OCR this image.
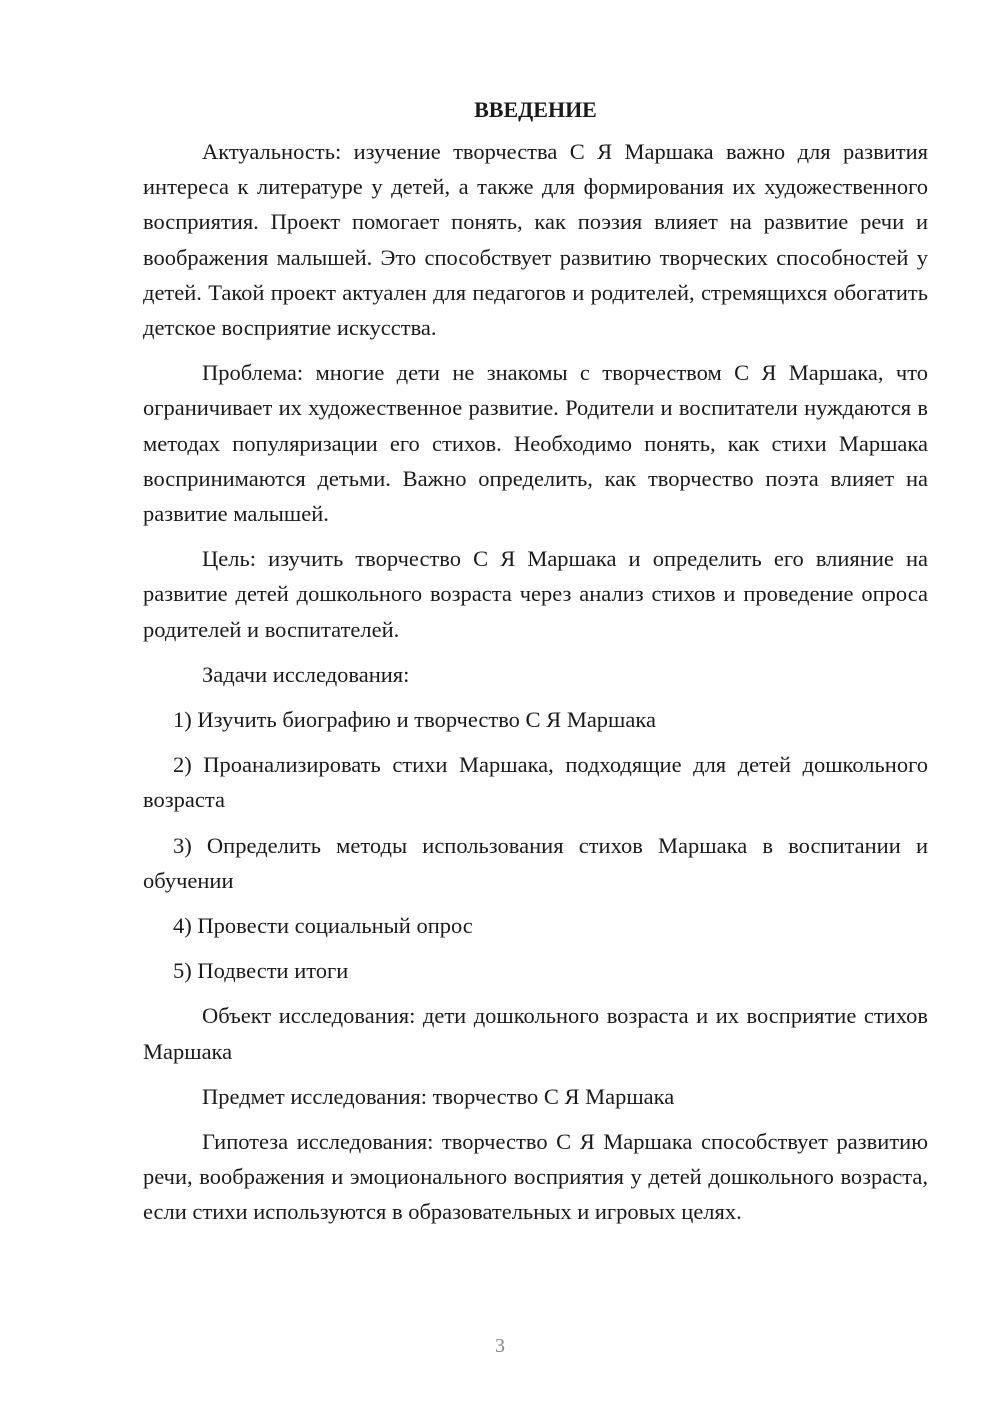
ВВЕДЕНИЕ

Актуальность: изучение творчества С Я Маршака важно для развития интереса к литературе у детей, а также для формирования их художественного восприятия. Проект помогает понять, как поэзия влияет на развитие речи и воображения малышей. Это способствует развитию творческих способностей у детей. Такой проект актуален для педагогов и родителей, стремящихся обогатить детское восприятие искусства.

Проблема: многие дети не знакомы с творчеством С Я Маршака, что ограничивает их художественное развитие. Родители и воспитатели нуждаются в методах популяризации его стихов. Необходимо понять, как стихи Маршака воспринимаются детьми. Важно определить, как творчество поэта влияет на развитие малышей.

Цель: изучить творчество С Я Маршака и определить его влияние на развитие детей дошкольного возраста через анализ стихов и проведение опроса родителей и воспитателей.

Задачи исследования:

1) Изучить биографию и творчество С Я Маршака

2) Проанализировать стихи Маршака, подходящие для детей дошкольного возраста

3) Определить методы использования стихов Маршака в воспитании и обучении

4) Провести социальный опрос

5) Подвести итоги

Объект исследования: дети дошкольного возраста и их восприятие стихов Маршака

Предмет исследования: творчество С Я Маршака

Гипотеза исследования: творчество С Я Маршака способствует развитию речи, воображения и эмоционального восприятия у детей дошкольного возраста, если стихи используются в образовательных и игровых целях.

3
